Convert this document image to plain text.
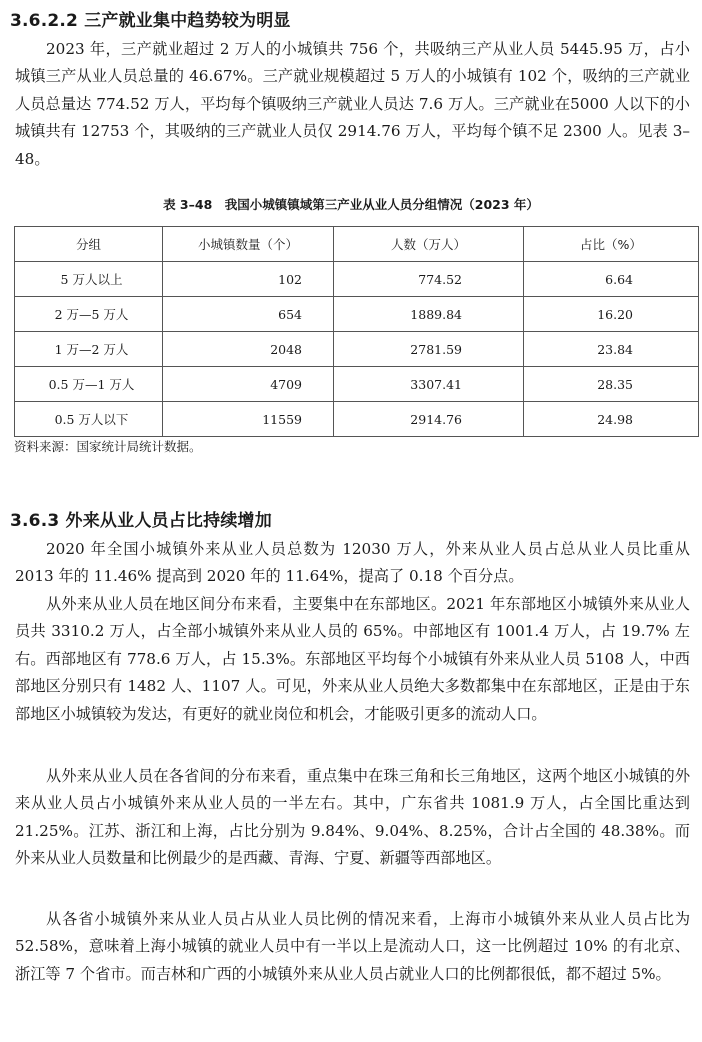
3.6.2.2 三产就业集中趋势较为明显

2023 年，三产就业超过 2 万人的小城镇共 756 个，共吸纳三产从业人员 5445.95 万，占小城镇三产从业人员总量的 46.67%。三产就业规模超过 5 万人的小城镇有 102 个，吸纳的三产就业人员总量达 774.52 万人，平均每个镇吸纳三产就业人员达 7.6 万人。三产就业在5000 人以下的小城镇共有 12753 个，其吸纳的三产就业人员仅 2914.76 万人，平均每个镇不足 2300 人。见表 3–48。

表 3–48　我国小城镇镇域第三产业从业人员分组情况（2023 年）
分组	小城镇数量（个）	人数（万人）	占比（%）
5 万人以上	102	774.52	6.64
2 万—5 万人	654	1889.84	16.20
1 万—2 万人	2048	2781.59	23.84
0.5 万—1 万人	4709	3307.41	28.35
0.5 万人以下	11559	2914.76	24.98
资料来源：国家统计局统计数据。
3.6.3 外来从业人员占比持续增加

2020 年全国小城镇外来从业人员总数为 12030 万人，外来从业人员占总从业人员比重从 2013 年的 11.46% 提高到 2020 年的 11.64%，提高了 0.18 个百分点。

从外来从业人员在地区间分布来看，主要集中在东部地区。2021 年东部地区小城镇外来从业人员共 3310.2 万人，占全部小城镇外来从业人员的 65%。中部地区有 1001.4 万人，占 19.7% 左右。西部地区有 778.6 万人，占 15.3%。东部地区平均每个小城镇有外来从业人员 5108 人，中西部地区分别只有 1482 人、1107 人。可见，外来从业人员绝大多数都集中在东部地区，正是由于东部地区小城镇较为发达，有更好的就业岗位和机会，才能吸引更多的流动人口。

从外来从业人员在各省间的分布来看，重点集中在珠三角和长三角地区，这两个地区小城镇的外来从业人员占小城镇外来从业人员的一半左右。其中，广东省共 1081.9 万人，占全国比重达到 21.25%。江苏、浙江和上海，占比分别为 9.84%、9.04%、8.25%，合计占全国的 48.38%。而外来从业人员数量和比例最少的是西藏、青海、宁夏、新疆等西部地区。

从各省小城镇外来从业人员占从业人员比例的情况来看，上海市小城镇外来从业人员占比为 52.58%，意味着上海小城镇的就业人员中有一半以上是流动人口，这一比例超过 10% 的有北京、浙江等 7 个省市。而吉林和广西的小城镇外来从业人员占就业人口的比例都很低，都不超过 5%。
